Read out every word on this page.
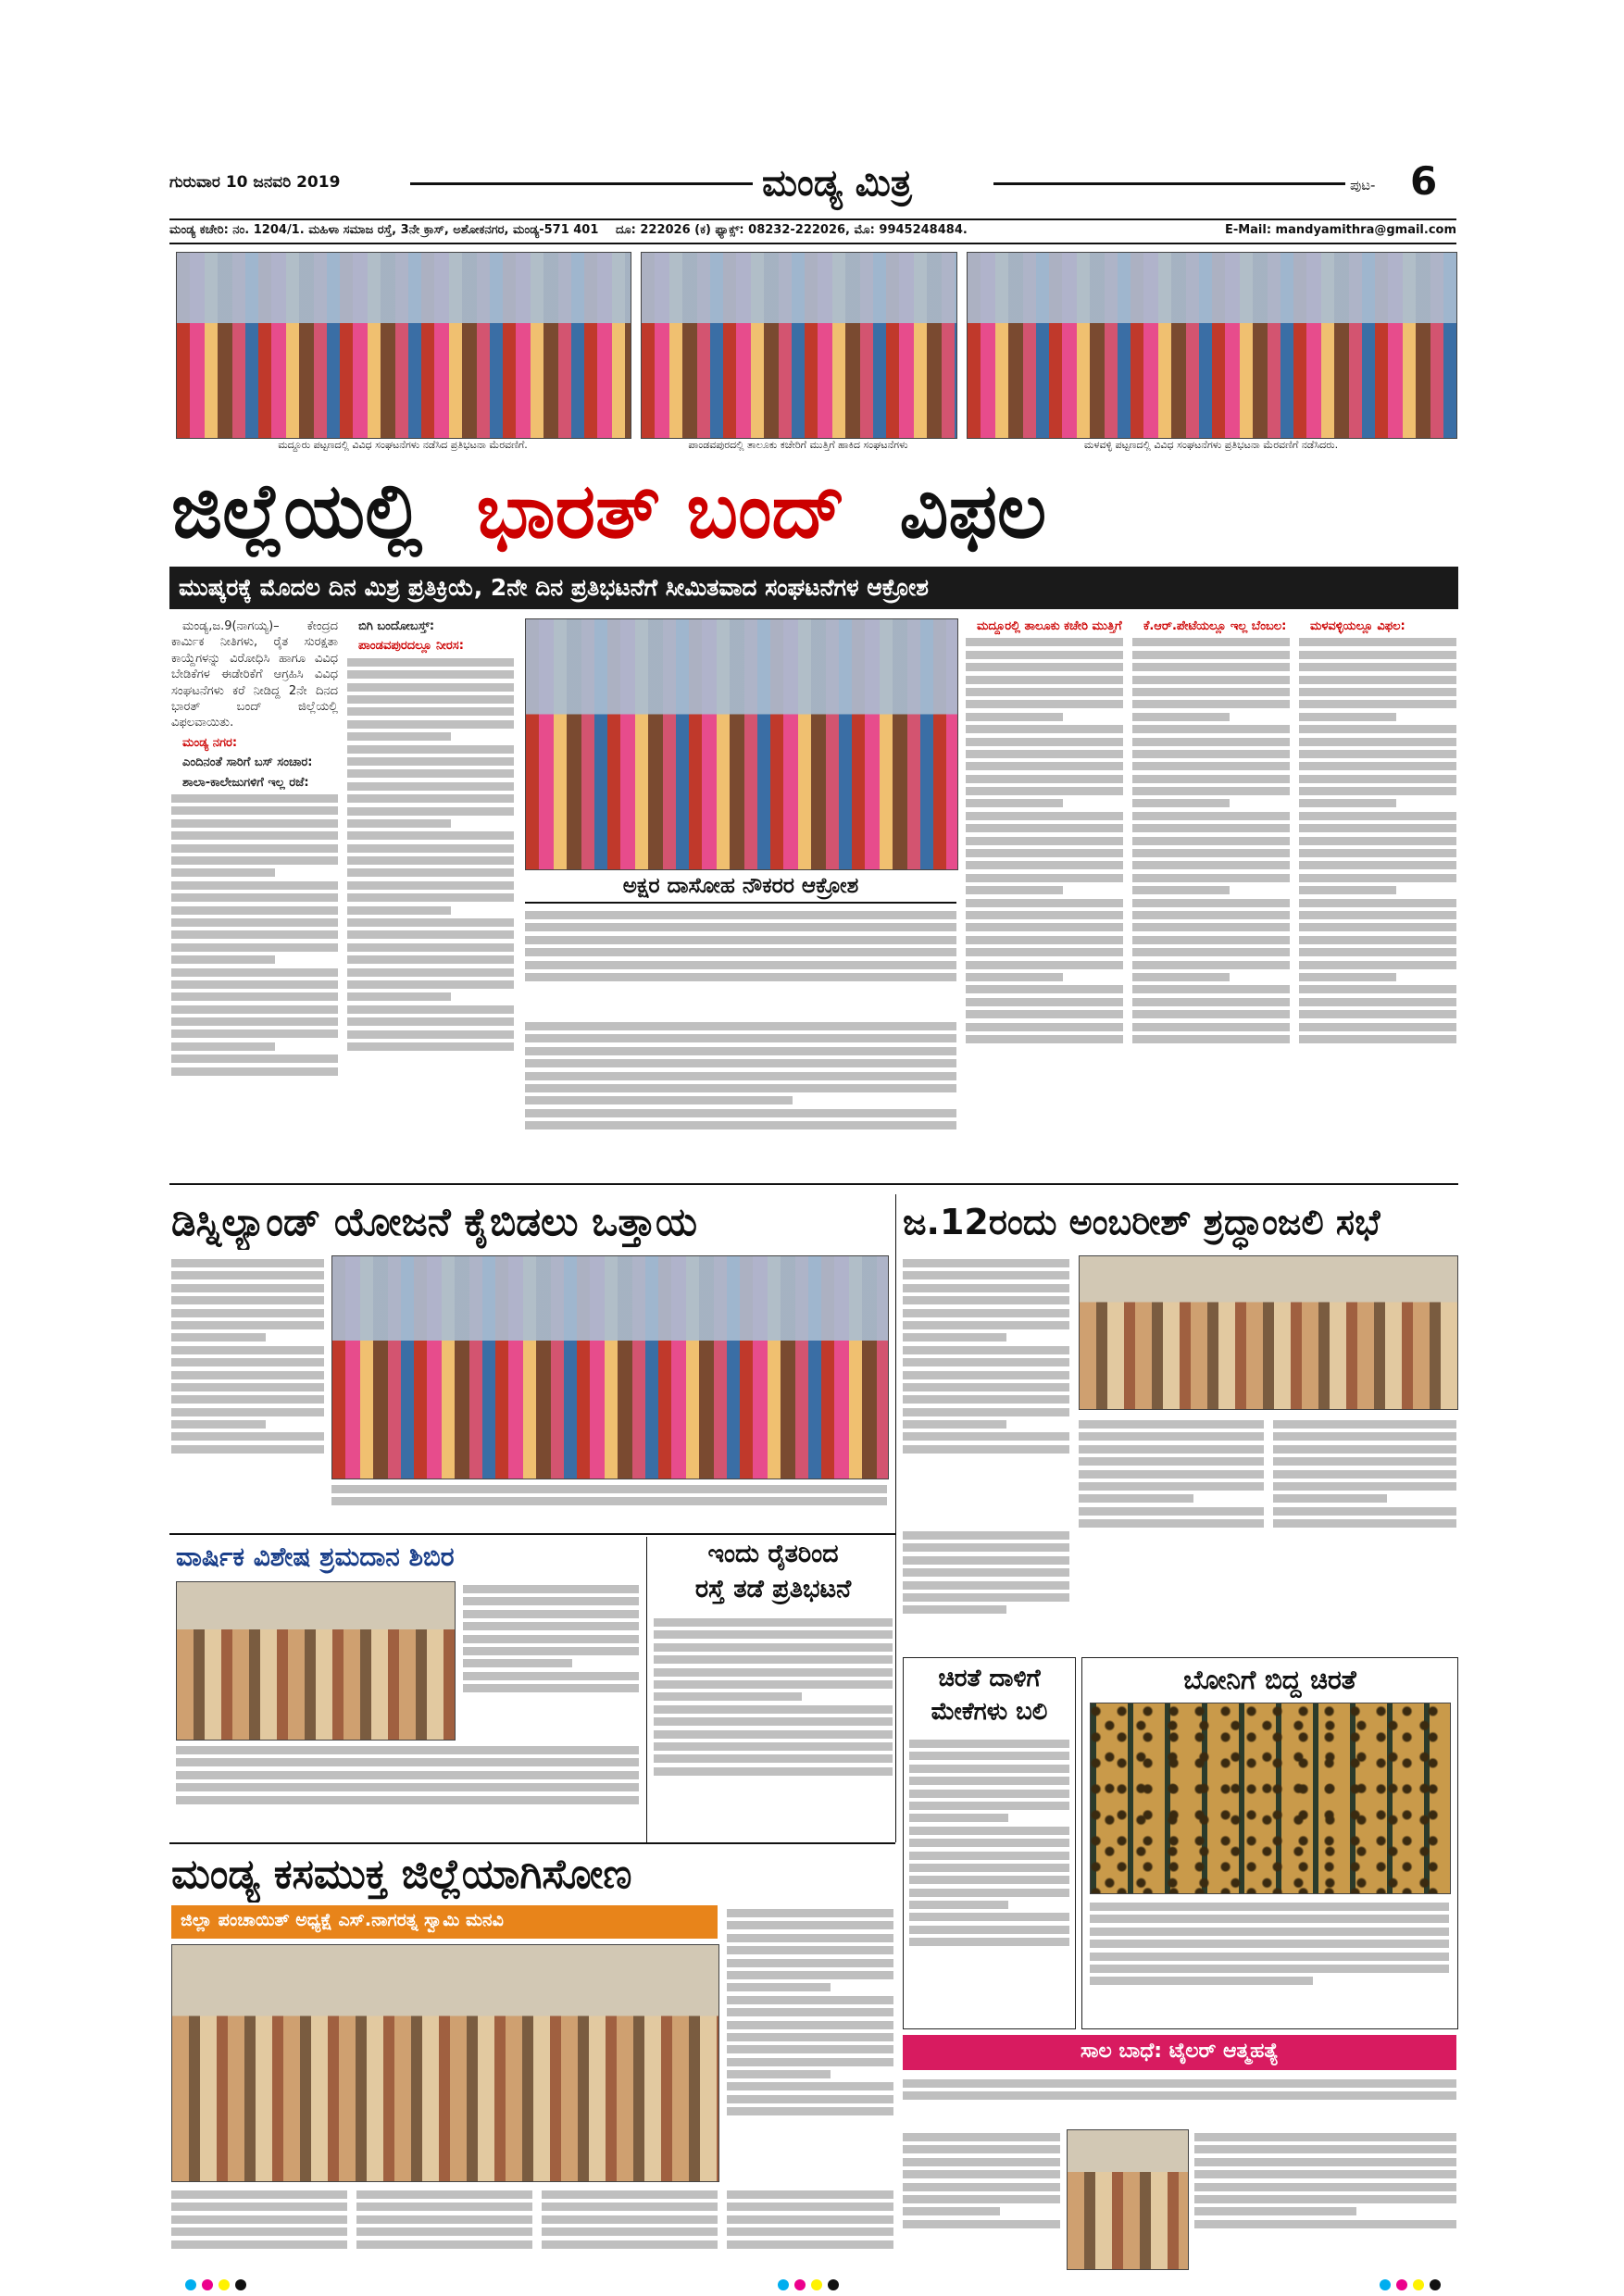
ಗುರುವಾರ 10 ಜನವರಿ 2019	ಮಂಡ್ಯ ಮಿತ್ರ	ಪುಟ- 6
ಮಂಡ್ಯ ಕಚೇರಿ: ನಂ. 1204/1. ಮಹಿಳಾ ಸಮಾಜ ರಸ್ತೆ, 3ನೇ ಕ್ರಾಸ್, ಅಶೋಕನಗರ, ಮಂಡ್ಯ-571 401 ದೂ: 222026 (ಕ) ಫ್ಯಾಕ್ಸ್: 08232-222026, ಮೊ: 9945248484.	E-Mail: mandyamithra@gmail.com
ಮದ್ದೂರು ಪಟ್ಟಣದಲ್ಲಿ ವಿವಿಧ ಸಂಘಟನೆಗಳು ನಡೆಸಿದ ಪ್ರತಿಭಟನಾ ಮೆರವಣಿಗೆ.	ಪಾಂಡವಪುರದಲ್ಲಿ ತಾಲೂಕು ಕಚೇರಿಗೆ ಮುತ್ತಿಗೆ ಹಾಕಿದ ಸಂಘಟನೆಗಳು	ಮಳವಳ್ಳಿ ಪಟ್ಟಣದಲ್ಲಿ ವಿವಿಧ ಸಂಘಟನೆಗಳು ಪ್ರತಿಭಟನಾ ಮೆರವಣಿಗೆ ನಡೆಸಿದರು.
ಜಿಲ್ಲೆಯಲ್ಲಿ ಭಾರತ್ ಬಂದ್ ವಿಫಲ
ಮುಷ್ಕರಕ್ಕೆ ಮೊದಲ ದಿನ ಮಿಶ್ರ ಪ್ರತಿಕ್ರಿಯೆ, 2ನೇ ದಿನ ಪ್ರತಿಭಟನೆಗೆ ಸೀಮಿತವಾದ ಸಂಘಟನೆಗಳ ಆಕ್ರೋಶ

ಮಂಡ್ಯ,ಜ.9(ನಾಗಯ್ಯ)– ಕೇಂದ್ರದ ಕಾರ್ಮಿಕ ನೀತಿಗಳು, ರೈತ ಸುರಕ್ಷತಾ ಕಾಯ್ದೆಗಳನ್ನು ವಿರೋಧಿಸಿ ಹಾಗೂ ವಿವಿಧ ಬೇಡಿಕೆಗಳ ಈಡೇರಿಕೆಗೆ ಆಗ್ರಹಿಸಿ ವಿವಿಧ ಸಂಘಟನೆಗಳು ಕರೆ ನೀಡಿದ್ದ 2ನೇ ದಿನದ ಭಾರತ್ ಬಂದ್ ಜಿಲ್ಲೆಯಲ್ಲಿ ವಿಫಲವಾಯಿತು.

ಮಂಡ್ಯ ನಗರ:

ಎಂದಿನಂತೆ ಸಾರಿಗೆ ಬಸ್ ಸಂಚಾರ:

ಶಾಲಾ-ಕಾಲೇಜುಗಳಿಗೆ ಇಲ್ಲ ರಜೆ:

ಬಿಗಿ ಬಂದೋಬಸ್ತ್:

ಪಾಂಡವಪುರದಲ್ಲೂ ನೀರಸ:

ಅಕ್ಷರ ದಾಸೋಹ ನೌಕರರ ಆಕ್ರೋಶ

ಮದ್ದೂರಲ್ಲಿ ತಾಲೂಕು ಕಚೇರಿ ಮುತ್ತಿಗೆ	ಕೆ.ಆರ್.ಪೇಟೆಯಲ್ಲೂ ಇಲ್ಲ ಬೆಂಬಲ:	ಮಳವಳ್ಳಿಯಲ್ಲೂ ವಿಫಲ:

ಡಿಸ್ನಿಲ್ಯಾಂಡ್ ಯೋಜನೆ ಕೈಬಿಡಲು ಒತ್ತಾಯ	ಜ.12ರಂದು ಅಂಬರೀಶ್ ಶ್ರದ್ಧಾಂಜಲಿ ಸಭೆ
ವಾರ್ಷಿಕ ವಿಶೇಷ ಶ್ರಮದಾನ ಶಿಬಿರ	ಇಂದು ರೈತರಿಂದ
ರಸ್ತೆ ತಡೆ ಪ್ರತಿಭಟನೆ
ಚಿರತೆ ದಾಳಿಗೆ
ಮೇಕೆಗಳು ಬಲಿ
ಬೋನಿಗೆ ಬಿದ್ದ ಚಿರತೆ
ಮಂಡ್ಯ ಕಸಮುಕ್ತ ಜಿಲ್ಲೆಯಾಗಿಸೋಣ
ಜಿಲ್ಲಾ ಪಂಚಾಯಿತ್ ಅಧ್ಯಕ್ಷೆ ಎಸ್.ನಾಗರತ್ನ ಸ್ವಾಮಿ ಮನವಿ
ಸಾಲ ಬಾಧೆ: ಟೈಲರ್ ಆತ್ಮಹತ್ಯೆ
